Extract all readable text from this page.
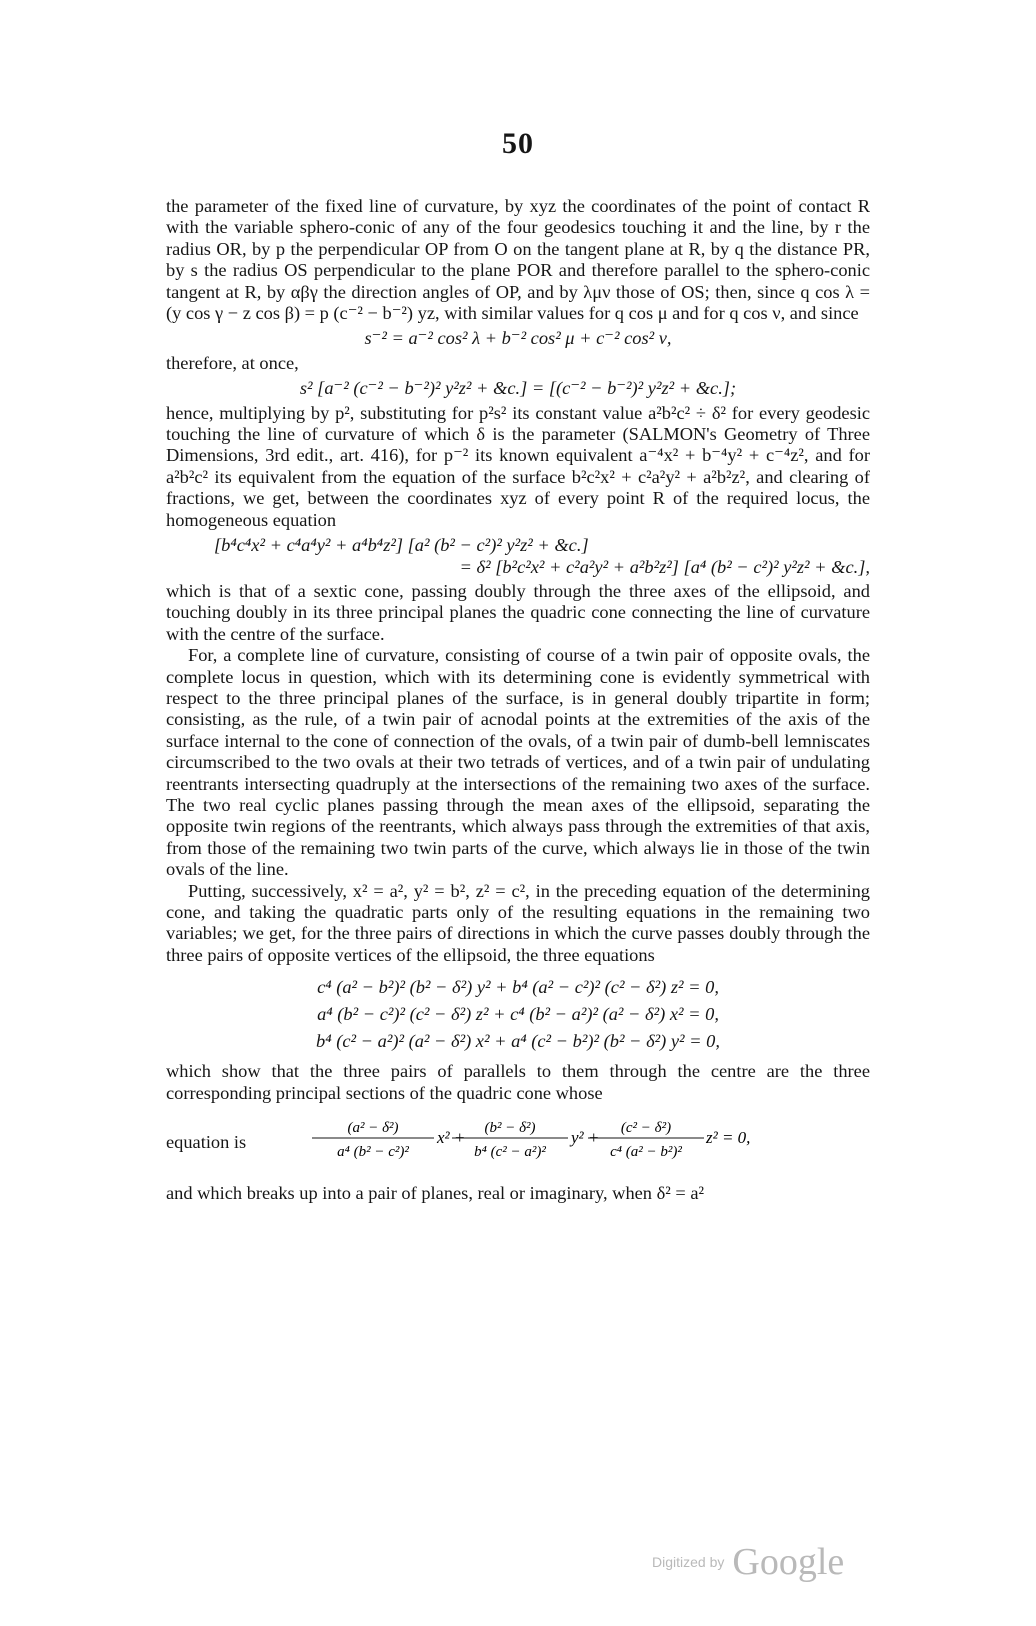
50

the parameter of the fixed line of curvature, by xyz the coordinates of the point of contact R with the variable sphero-conic of any of the four geodesics touching it and the line, by r the radius OR, by p the perpendicular OP from O on the tangent plane at R, by q the distance PR, by s the radius OS perpendicular to the plane POR and therefore parallel to the sphero-conic tangent at R, by αβγ the direction angles of OP, and by λμν those of OS; then, since q cos λ = (y cos γ − z cos β) = p (c⁻² − b⁻²) yz, with similar values for q cos μ and for q cos ν, and since

s⁻² = a⁻² cos² λ + b⁻² cos² μ + c⁻² cos² ν,

therefore, at once,

s² [a⁻² (c⁻² − b⁻²)² y²z² + &c.] = [(c⁻² − b⁻²)² y²z² + &c.];

hence, multiplying by p², substituting for p²s² its constant value a²b²c² ÷ δ² for every geodesic touching the line of curvature of which δ is the parameter (SALMON's Geometry of Three Dimensions, 3rd edit., art. 416), for p⁻² its known equivalent a⁻⁴x² + b⁻⁴y² + c⁻⁴z², and for a²b²c² its equivalent from the equation of the surface b²c²x² + c²a²y² + a²b²z², and clearing of fractions, we get, between the coordinates xyz of every point R of the required locus, the homogeneous equation

[b⁴c⁴x² + c⁴a⁴y² + a⁴b⁴z²] [a² (b² − c²)² y²z² + &c.]
= δ² [b²c²x² + c²a²y² + a²b²z²] [a⁴ (b² − c²)² y²z² + &c.],

which is that of a sextic cone, passing doubly through the three axes of the ellipsoid, and touching doubly in its three principal planes the quadric cone connecting the line of curvature with the centre of the surface.

For, a complete line of curvature, consisting of course of a twin pair of opposite ovals, the complete locus in question, which with its determining cone is evidently symmetrical with respect to the three principal planes of the surface, is in general doubly tripartite in form; consisting, as the rule, of a twin pair of acnodal points at the extremities of the axis of the surface internal to the cone of connection of the ovals, of a twin pair of dumb-bell lemniscates circumscribed to the two ovals at their two tetrads of vertices, and of a twin pair of undulating reentrants intersecting quadruply at the intersections of the remaining two axes of the surface. The two real cyclic planes passing through the mean axes of the ellipsoid, separating the opposite twin regions of the reentrants, which always pass through the extremities of that axis, from those of the remaining two twin parts of the curve, which always lie in those of the twin ovals of the line.

Putting, successively, x² = a², y² = b², z² = c², in the preceding equation of the determining cone, and taking the quadratic parts only of the resulting equations in the remaining two variables; we get, for the three pairs of directions in which the curve passes doubly through the three pairs of opposite vertices of the ellipsoid, the three equations

c⁴ (a² − b²)² (b² − δ²) y² + b⁴ (a² − c²)² (c² − δ²) z² = 0,
a⁴ (b² − c²)² (c² − δ²) z² + c⁴ (b² − a²)² (a² − δ²) x² = 0,
b⁴ (c² − a²)² (a² − δ²) x² + a⁴ (c² − b²)² (b² − δ²) y² = 0,

which show that the three pairs of parallels to them through the centre are the three corresponding principal sections of the quadric cone whose

equation is
(a² − δ²)
a⁴ (b² − c²)²
x² + (b² − δ²)
b⁴ (c² − a²)²
y² + (c² − δ²)
c⁴ (a² − b²)²
z² = 0,

and which breaks up into a pair of planes, real or imaginary, when δ² = a²

Digitized by Google
